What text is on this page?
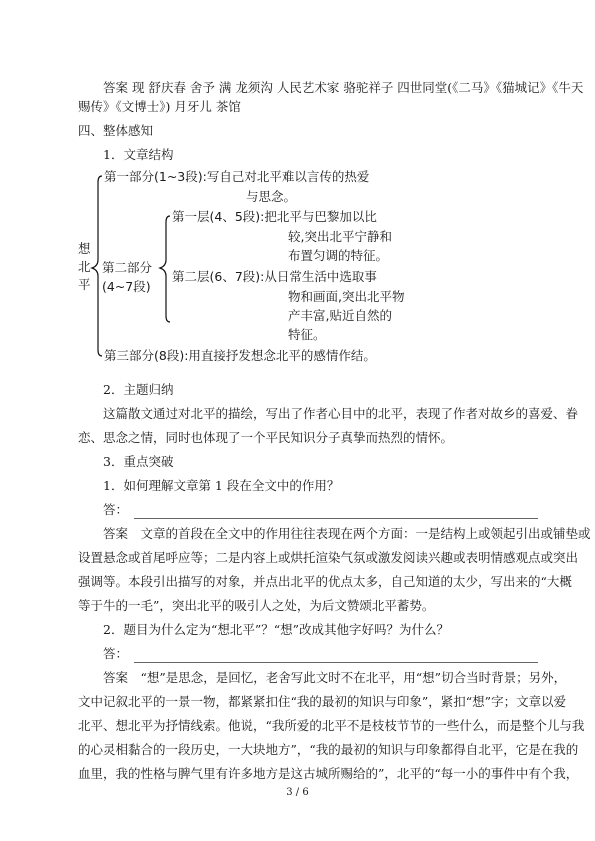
答案 现 舒庆春 舍予 满 龙须沟 人民艺术家 骆驼祥子 四世同堂(《二马》《猫城记》《牛天
赐传》《文博士》) 月牙儿 茶馆
四、整体感知
1．文章结构
想
北
平
第一部分(1~3段):写自己对北平难以言传的热爱
与思念。
第二部分
(4~7段)
第一层(4、5段):把北平与巴黎加以比
较,突出北平宁静和
布置匀调的特征。
第二层(6、7段):从日常生活中选取事
物和画面,突出北平物
产丰富,贴近自然的
特征。
第三部分(8段):用直接抒发想念北平的感情作结。
2．主题归纳
这篇散文通过对北平的描绘，写出了作者心目中的北平，表现了作者对故乡的喜爱、眷
恋、思念之情，同时也体现了一个平民知识分子真挚而热烈的情怀。
3．重点突破
1．如何理解文章第 1 段在全文中的作用？
答：
答案　文章的首段在全文中的作用往往表现在两个方面：一是结构上或领起引出或铺垫或
设置悬念或首尾呼应等；二是内容上或烘托渲染气氛或激发阅读兴趣或表明情感观点或突出
强调等。本段引出描写的对象，并点出北平的优点太多，自己知道的太少，写出来的“大概
等于牛的一毛”，突出北平的吸引人之处，为后文赞颂北平蓄势。
2．题目为什么定为“想北平”？“想”改成其他字好吗？为什么？
答：
答案　“想”是思念，是回忆，老舍写此文时不在北平，用“想”切合当时背景；另外，
文中记叙北平的一景一物，都紧紧扣住“我的最初的知识与印象”，紧扣“想”字；文章以爱
北平、想北平为抒情线索。他说，“我所爱的北平不是枝枝节节的一些什么，而是整个儿与我
的心灵相黏合的一段历史，一大块地方”，“我的最初的知识与印象都得自北平，它是在我的
血里，我的性格与脾气里有许多地方是这古城所赐给的”，北平的“每一小的事件中有个我，
3 / 6
